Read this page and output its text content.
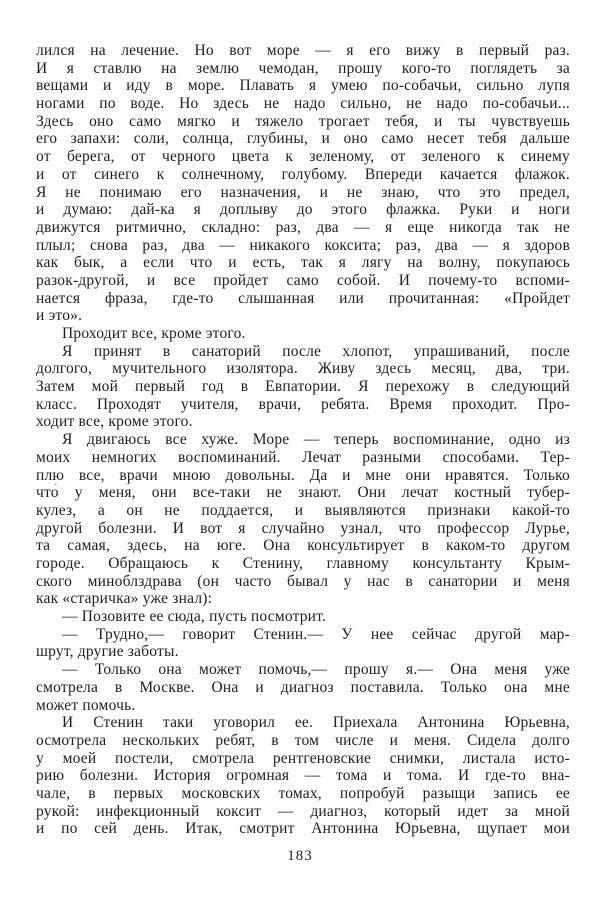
лился на лечение. Но вот море — я его вижу в первый раз.
И я ставлю на землю чемодан, прошу кого-то поглядеть за
вещами и иду в море. Плавать я умею по-собачьи, сильно лупя
ногами по воде. Но здесь не надо сильно, не надо по-собачьи...
Здесь оно само мягко и тяжело трогает тебя, и ты чувствуешь
его запахи: соли, солнца, глубины, и оно само несет тебя дальше
от берега, от черного цвета к зеленому, от зеленого к синему
и от синего к солнечному, голубому. Впереди качается флажок.
Я не понимаю его назначения, и не знаю, что это предел,
и думаю: дай-ка я доплыву до этого флажка. Руки и ноги
движутся ритмично, складно: раз, два — я еще никогда так не
плыл; снова раз, два — никакого коксита; раз, два — я здоров
как бык, а если что и есть, так я лягу на волну, покупаюсь
разок-другой, и все пройдет само собой. И почему-то вспоми-
нается фраза, где-то слышанная или прочитанная: «Пройдет
и это».
Проходит все, кроме этого.
Я принят в санаторий после хлопот, упрашиваний, после
долгого, мучительного изолятора. Живу здесь месяц, два, три.
Затем мой первый год в Евпатории. Я перехожу в следующий
класс. Проходят учителя, врачи, ребята. Время проходит. Про-
ходит все, кроме этого.
Я двигаюсь все хуже. Море — теперь воспоминание, одно из
моих немногих воспоминаний. Лечат разными способами. Тер-
плю все, врачи мною довольны. Да и мне они нравятся. Только
что́ у меня, они все-таки не знают. Они лечат костный тубер-
кулез, а он не поддается, и выявляются признаки какой-то
другой болезни. И вот я случайно узнал, что профессор Лурье,
та самая, здесь, на юге. Она консультирует в каком-то другом
городе. Обращаюсь к Стенину, главному консультанту Крым-
ского миноблздрава (он часто бывал у нас в санатории и меня
как «старичка» уже знал):
— Позовите ее сюда, пусть посмотрит.
— Трудно,— говорит Стенин.— У нее сейчас другой мар-
шрут, другие заботы.
— Только она может помочь,— прошу я.— Она меня уже
смотрела в Москве. Она и диагноз поставила. Только она мне
может помочь.
И Стенин таки уговорил ее. Приехала Антонина Юрьевна,
осмотрела нескольких ребят, в том числе и меня. Сидела долго
у моей постели, смотрела рентгеновские снимки, листала исто-
рию болезни. История огромная — тома и тома. И где-то вна-
чале, в первых московских томах, попробуй разыщи запись ее
рукой: инфекционный коксит — диагноз, который идет за мной
и по сей день. Итак, смотрит Антонина Юрьевна, щупает мои
183
